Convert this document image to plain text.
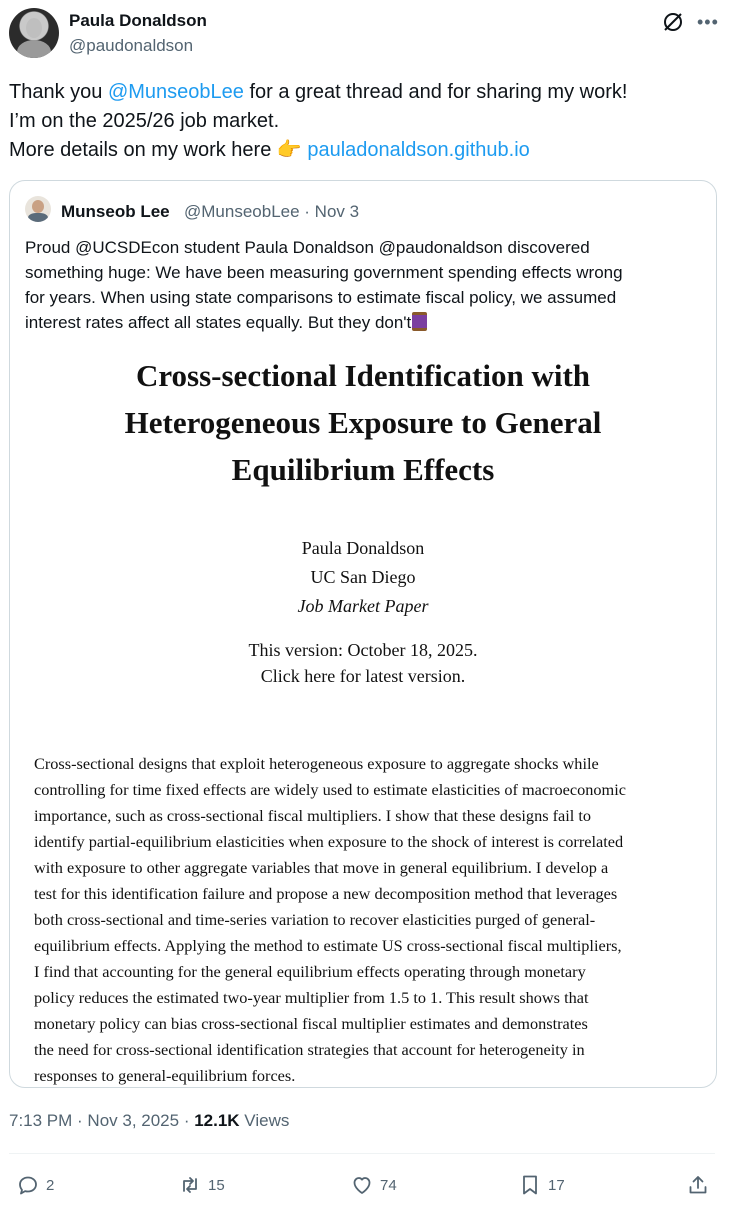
Paula Donaldson
@paudonaldson
•••
Thank you @MunseobLee for a great thread and for sharing my work!
I’m on the 2025/26 job market.
More details on my work here 👉 pauladonaldson.github.io
Munseob Lee @MunseobLee · Nov 3
Proud @UCSDEcon student Paula Donaldson @paudonaldson discovered
something huge: We have been measuring government spending effects wrong
for years. When using state comparisons to estimate fiscal policy, we assumed
interest rates affect all states equally. But they don't
Cross-sectional Identification with
Heterogeneous Exposure to General
Equilibrium Effects
Paula Donaldson
UC San Diego
Job Market Paper
This version: October 18, 2025.
Click here for latest version.
Cross-sectional designs that exploit heterogeneous exposure to aggregate shocks while
controlling for time fixed effects are widely used to estimate elasticities of macroeconomic
importance, such as cross-sectional fiscal multipliers. I show that these designs fail to
identify partial-equilibrium elasticities when exposure to the shock of interest is correlated
with exposure to other aggregate variables that move in general equilibrium. I develop a
test for this identification failure and propose a new decomposition method that leverages
both cross-sectional and time-series variation to recover elasticities purged of general-
equilibrium effects. Applying the method to estimate US cross-sectional fiscal multipliers,
I find that accounting for the general equilibrium effects operating through monetary
policy reduces the estimated two-year multiplier from 1.5 to 1. This result shows that
monetary policy can bias cross-sectional fiscal multiplier estimates and demonstrates
the need for cross-sectional identification strategies that account for heterogeneity in
responses to general-equilibrium forces.
7:13 PM · Nov 3, 2025 · 12.1K Views
2	15	74	17
